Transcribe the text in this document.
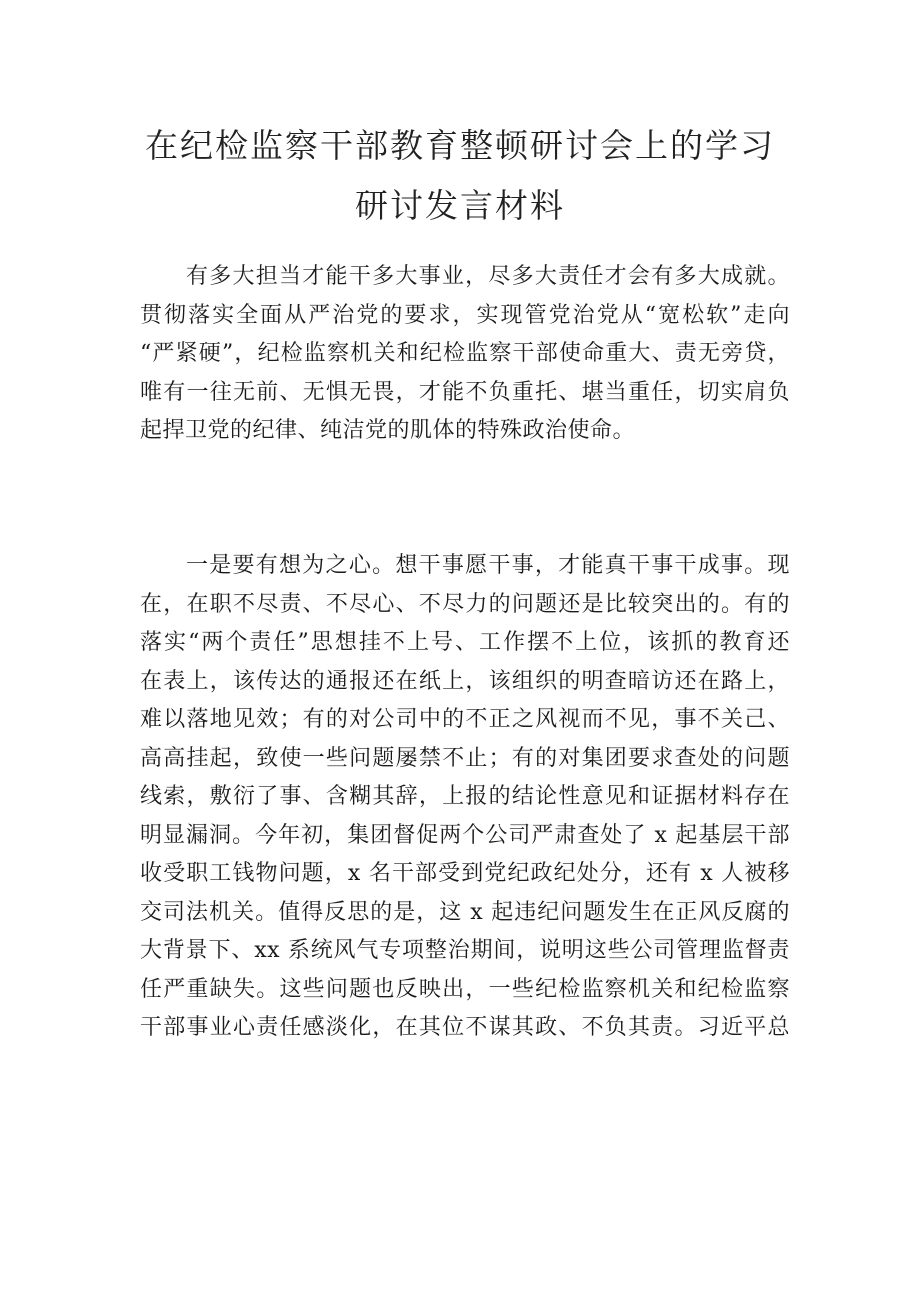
在纪检监察干部教育整顿研讨会上的学习
研讨发言材料
有多大担当才能干多大事业，尽多大责任才会有多大成就。
贯彻落实全面从严治党的要求，实现管党治党从“宽松软”走向
“严紧硬”，纪检监察机关和纪检监察干部使命重大、责无旁贷，
唯有一往无前、无惧无畏，才能不负重托、堪当重任，切实肩负
起捍卫党的纪律、纯洁党的肌体的特殊政治使命。
一是要有想为之心。想干事愿干事，才能真干事干成事。现
在，在职不尽责、不尽心、不尽力的问题还是比较突出的。有的
落实“两个责任”思想挂不上号、工作摆不上位，该抓的教育还
在表上，该传达的通报还在纸上，该组织的明查暗访还在路上，
难以落地见效；有的对公司中的不正之风视而不见，事不关己、
高高挂起，致使一些问题屡禁不止；有的对集团要求查处的问题
线索，敷衍了事、含糊其辞，上报的结论性意见和证据材料存在
明显漏洞。今年初，集团督促两个公司严肃查处了 x 起基层干部
收受职工钱物问题，x 名干部受到党纪政纪处分，还有 x 人被移
交司法机关。值得反思的是，这 x 起违纪问题发生在正风反腐的
大背景下、xx 系统风气专项整治期间，说明这些公司管理监督责
任严重缺失。这些问题也反映出，一些纪检监察机关和纪检监察
干部事业心责任感淡化，在其位不谋其政、不负其责。习近平总
